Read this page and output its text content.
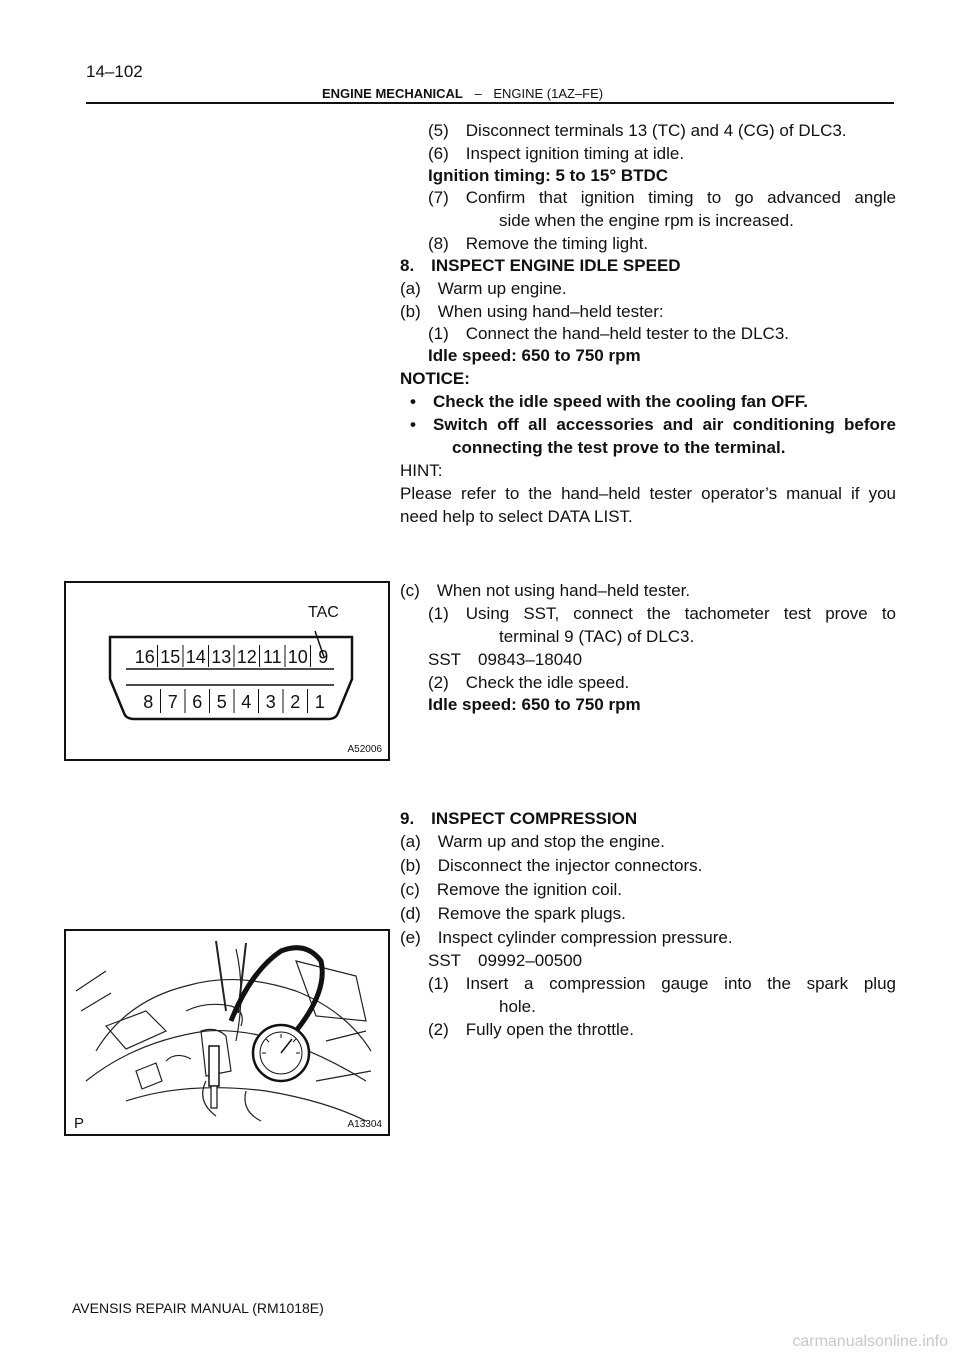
14–102
ENGINE MECHANICAL – ENGINE (1AZ–FE)
(5) Disconnect terminals 13 (TC) and 4 (CG) of DLC3.
(6) Inspect ignition timing at idle.
Ignition timing: 5 to 15° BTDC
(7) Confirm that ignition timing to go advanced angle
side when the engine rpm is increased.
(8) Remove the timing light.
8. INSPECT ENGINE IDLE SPEED
(a) Warm up engine.
(b) When using hand–held tester:
(1) Connect the hand–held tester to the DLC3.
Idle speed: 650 to 750 rpm
NOTICE:
• Check the idle speed with the cooling fan OFF.
• Switch off all accessories and air conditioning before
connecting the test prove to the terminal.
HINT:
Please refer to the hand–held tester operator’s manual if you
need help to select DATA LIST.
(c) When not using hand–held tester.
(1) Using SST, connect the tachometer test prove to
terminal 9 (TAC) of DLC3.
SST 09843–18040
(2) Check the idle speed.
Idle speed: 650 to 750 rpm
9. INSPECT COMPRESSION
(a) Warm up and stop the engine.
(b) Disconnect the injector connectors.
(c) Remove the ignition coil.
(d) Remove the spark plugs.
(e) Inspect cylinder compression pressure.
SST 09992–00500
(1) Insert a compression gauge into the spark plug
hole.
(2) Fully open the throttle.
TAC
16 15 14 13 12 11 10 9
8 7 6 5 4 3 2 1
A52006
P	A13304
AVENSIS REPAIR MANUAL (RM1018E)
carmanualsonline.info
